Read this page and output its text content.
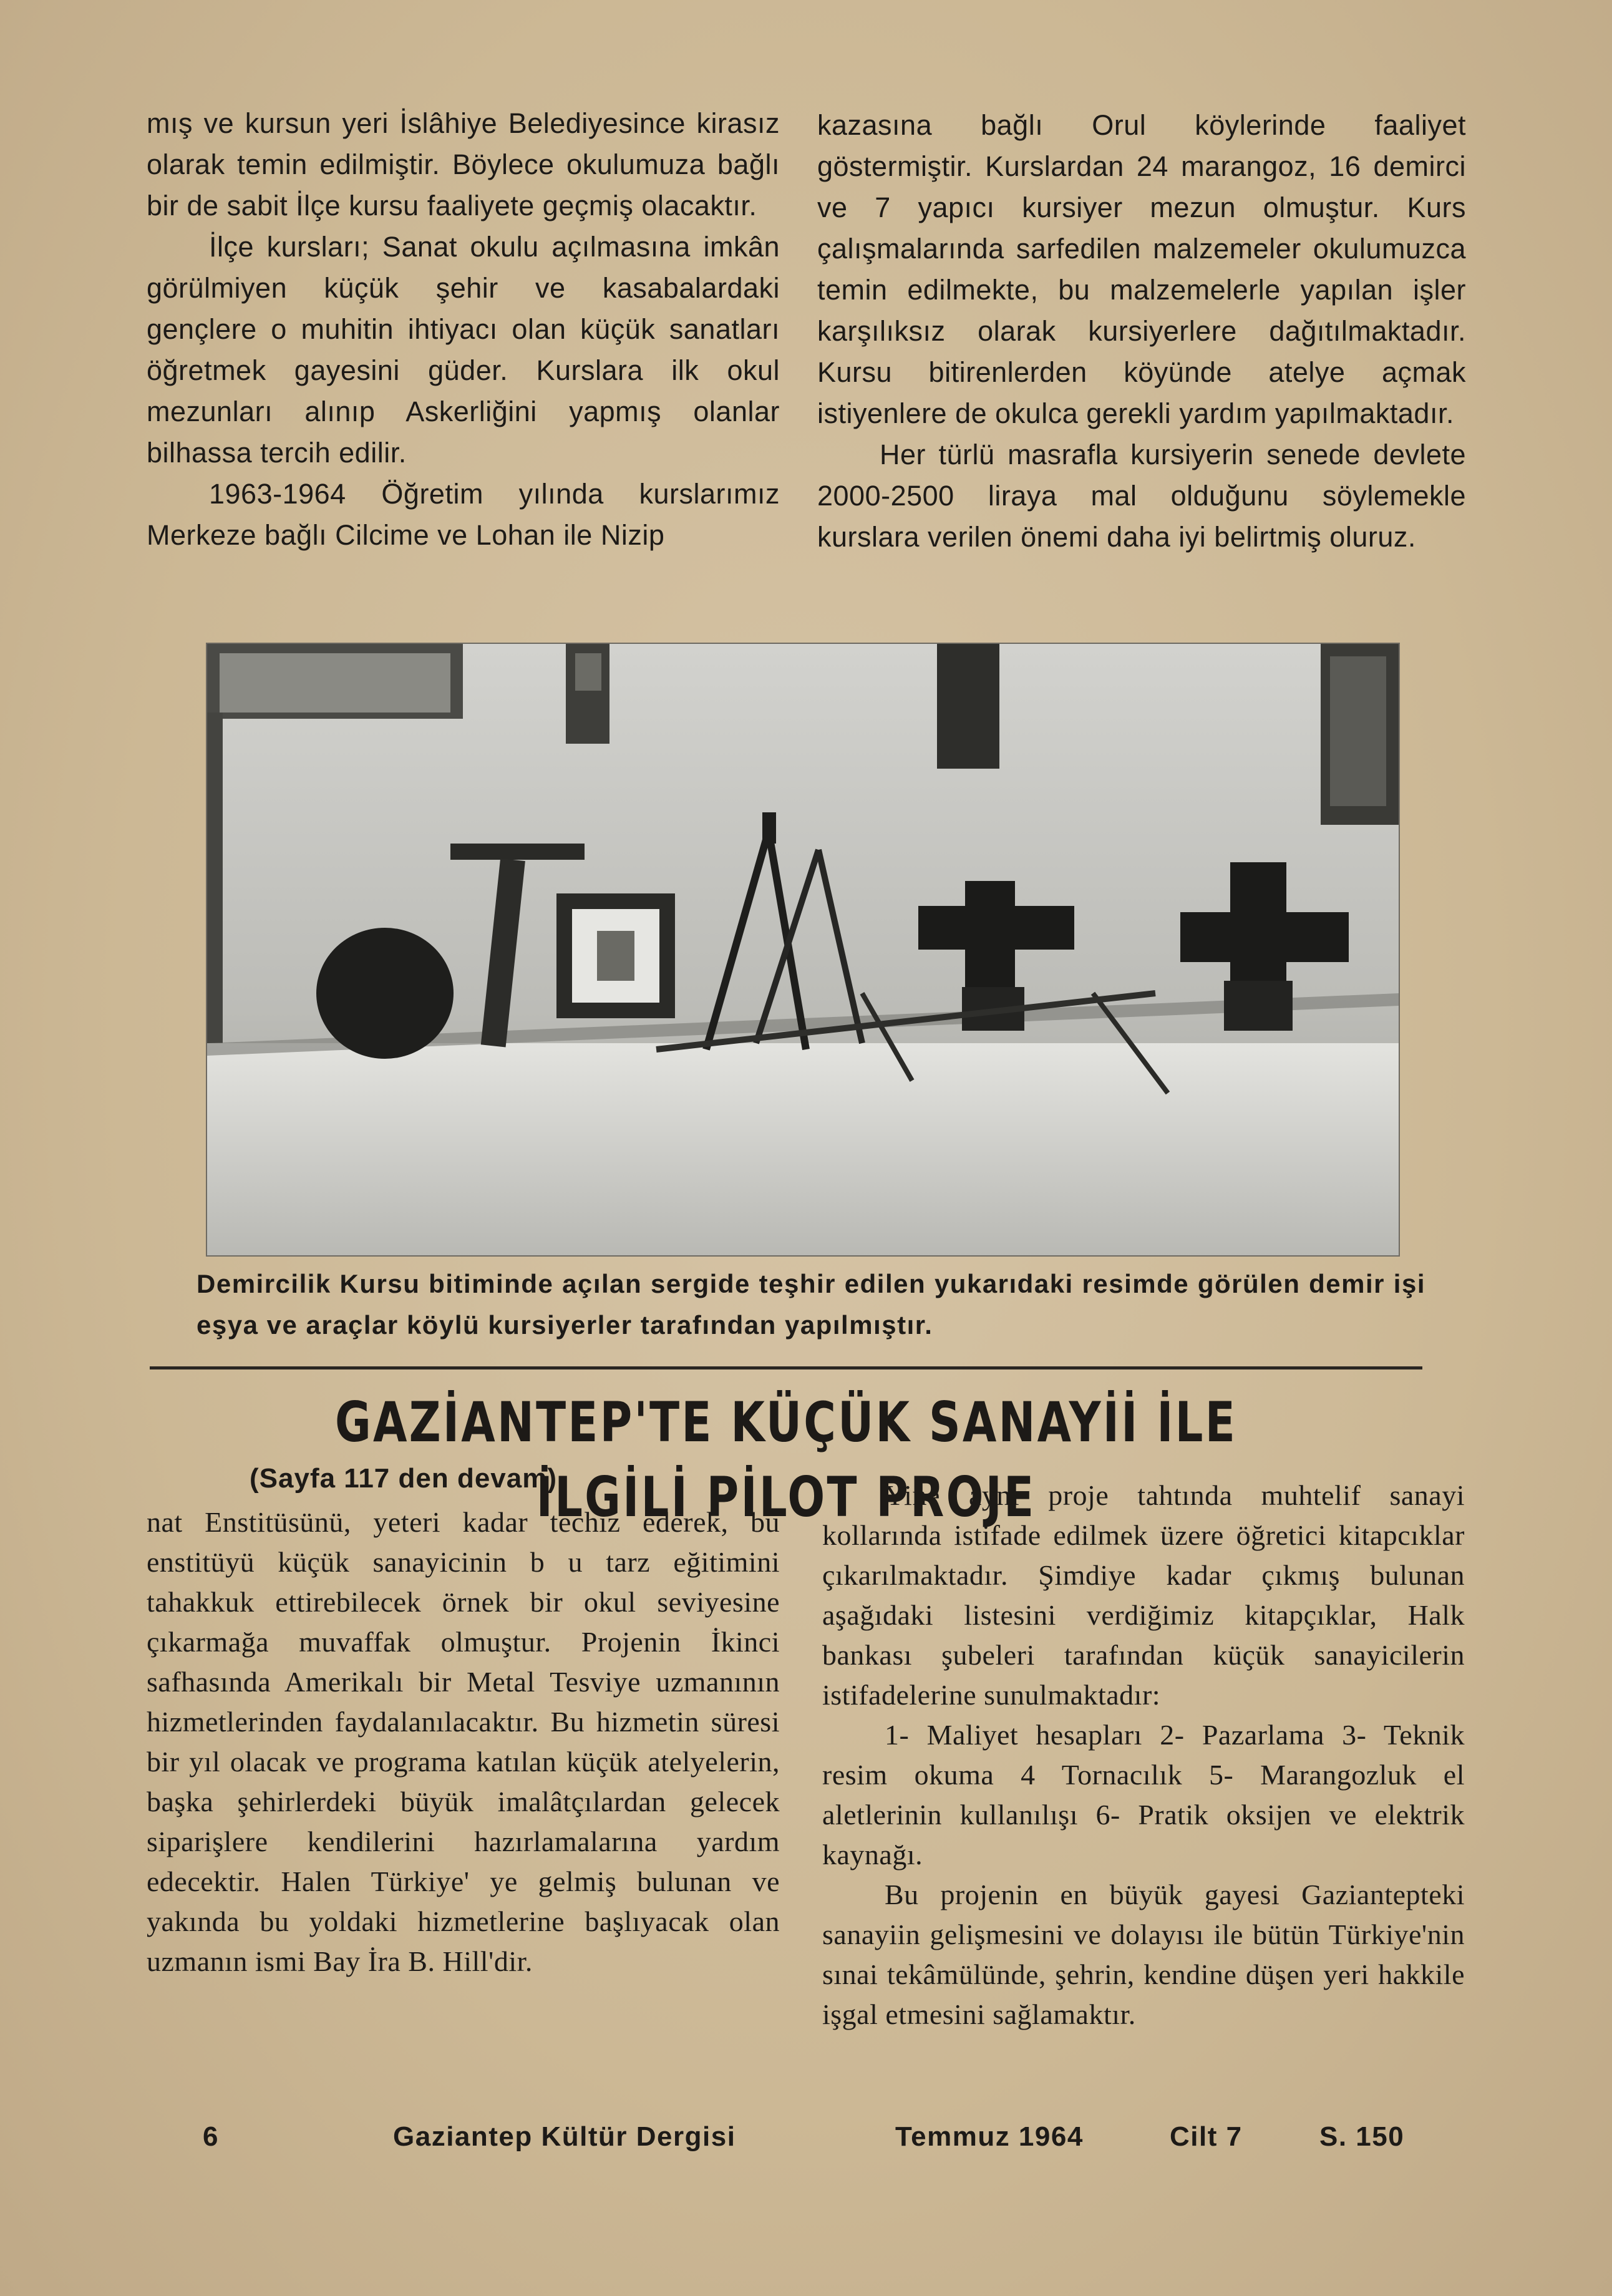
mış ve kursun yeri İslâhiye Belediyesince kirasız olarak temin edilmiştir. Böylece okulumuza bağlı bir de sabit İlçe kursu faaliyete geçmiş olacaktır.

İlçe kursları; Sanat okulu açılmasına imkân görülmiyen küçük şehir ve kasabalardaki gençlere o muhitin ihtiyacı olan küçük sanatları öğretmek gayesini güder. Kurslara ilk okul mezunları alınıp Askerliğini yapmış olanlar bilhassa tercih edilir.

1963-1964 Öğretim yılında kurslarımız Merkeze bağlı Cilcime ve Lohan ile Nizip

kazasına bağlı Orul köylerinde faaliyet göstermiştir. Kurslardan 24 marangoz, 16 demirci ve 7 yapıcı kursiyer mezun olmuştur. Kurs çalışmalarında sarfedilen malzemeler okulumuzca temin edilmekte, bu malzemelerle yapılan işler karşılıksız olarak kursiyerlere dağıtılmaktadır. Kursu bitirenlerden köyünde atelye açmak istiyenlere de okulca gerekli yardım yapılmaktadır.

Her türlü masrafla kursiyerin senede devlete 2000-2500 liraya mal olduğunu söylemekle kurslara verilen önemi daha iyi belirtmiş oluruz.

Demircilik Kursu bitiminde açılan sergide teşhir edilen yukarıdaki resimde görülen demir işi eşya ve araçlar köylü kursiyerler tarafından yapılmıştır.
GAZİANTEP'TE KÜÇÜK SANAYİİ İLE İLGİLİ PİLOT PROJE
(Sayfa 117 den devam)

nat Enstitüsünü, yeteri kadar techiz ederek, bu enstitüyü küçük sanayicinin b u tarz eğitimini tahakkuk ettirebilecek örnek bir okul seviyesine çıkarmağa muvaffak olmuştur. Projenin İkinci safhasında Amerikalı bir Metal Tesviye uzmanının hizmetlerinden faydalanılacaktır. Bu hizmetin süresi bir yıl olacak ve programa katılan küçük atelyelerin, başka şehirlerdeki büyük imalâtçılardan gelecek siparişlere kendilerini hazırlamalarına yardım edecektir. Halen Türkiye' ye gelmiş bulunan ve yakında bu yoldaki hizmetlerine başlıyacak olan uzmanın ismi Bay İra B. Hill'dir.

Yine aynı proje tahtında muhtelif sanayi kollarında istifade edilmek üzere öğretici kitapcıklar çıkarılmaktadır. Şimdiye kadar çıkmış bulunan aşağıdaki listesini verdiğimiz kitapçıklar, Halk bankası şubeleri tarafından küçük sanayicilerin istifadelerine sunulmaktadır:

1- Maliyet hesapları 2- Pazarlama 3- Teknik resim okuma 4 Tornacılık 5- Marangozluk el aletlerinin kullanılışı 6- Pratik oksijen ve elektrik kaynağı.

Bu projenin en büyük gayesi Gaziantepteki sanayiin gelişmesini ve dolayısı ile bütün Türkiye'nin sınai tekâmülünde, şehrin, kendine düşen yeri hakkile işgal etmesini sağlamaktır.

6	Gaziantep Kültür Dergisi	Temmuz 1964	Cilt 7	S. 150
